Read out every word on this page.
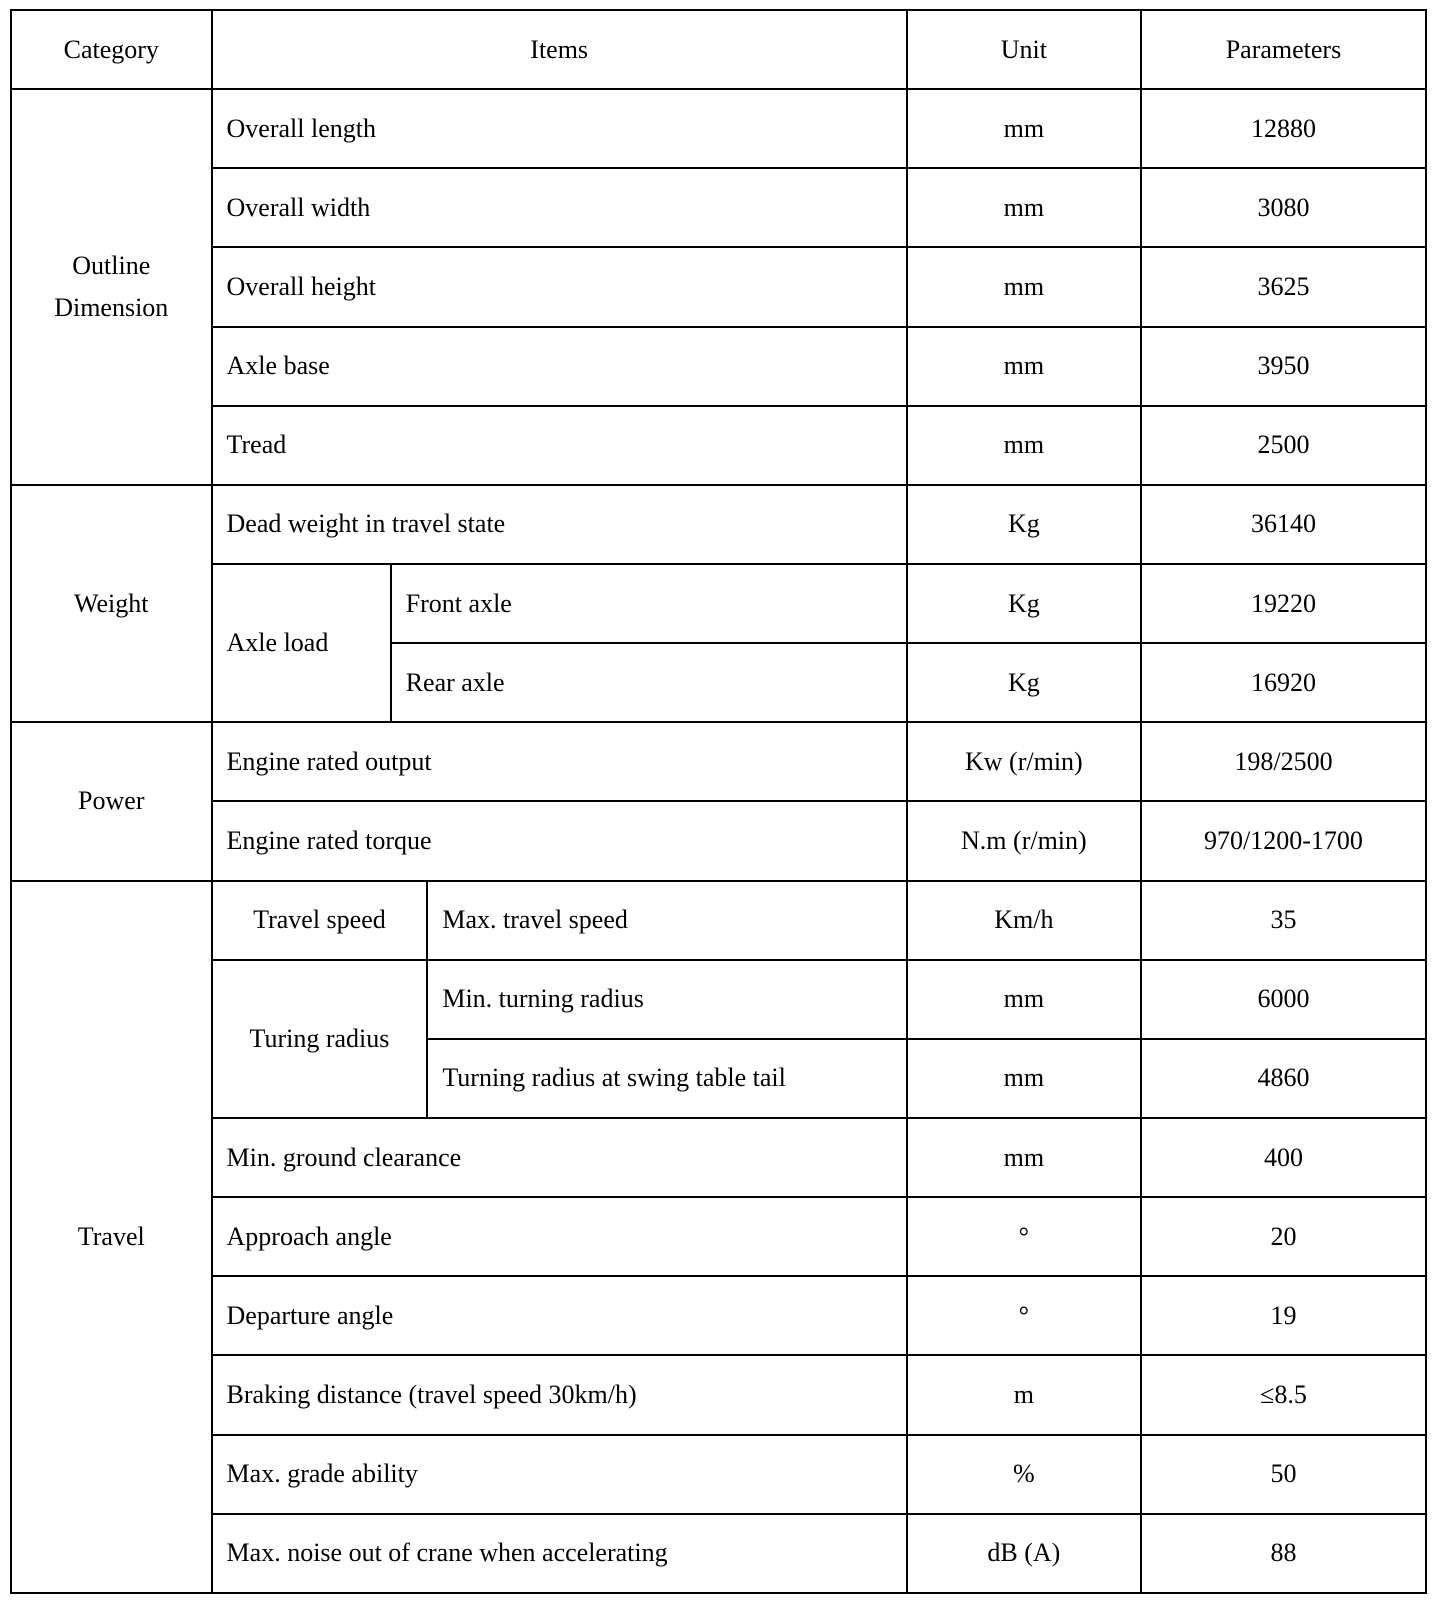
Category	Items			Unit	Parameters
Outline
Dimension	Overall length			mm	12880
	Overall width			mm	3080
	Overall height			mm	3625
	Axle base			mm	3950
	Tread			mm	2500
Weight	Dead weight in travel state			Kg	36140
	Axle load	Front axle		Kg	19220
		Rear axle		Kg	16920
Power	Engine rated output			Kw (r/min)	198/2500
	Engine rated torque			N.m (r/min)	970/1200-1700
Travel	Travel speed		Max. travel speed	Km/h	35
	Turing radius		Min. turning radius	mm	6000
			Turning radius at swing table tail	mm	4860
	Min. ground clearance			mm	400
	Approach angle			°	20
	Departure angle			°	19
	Braking distance (travel speed 30km/h)			m	≤8.5
	Max. grade ability			%	50
	Max. noise out of crane when accelerating			dB (A)	88
